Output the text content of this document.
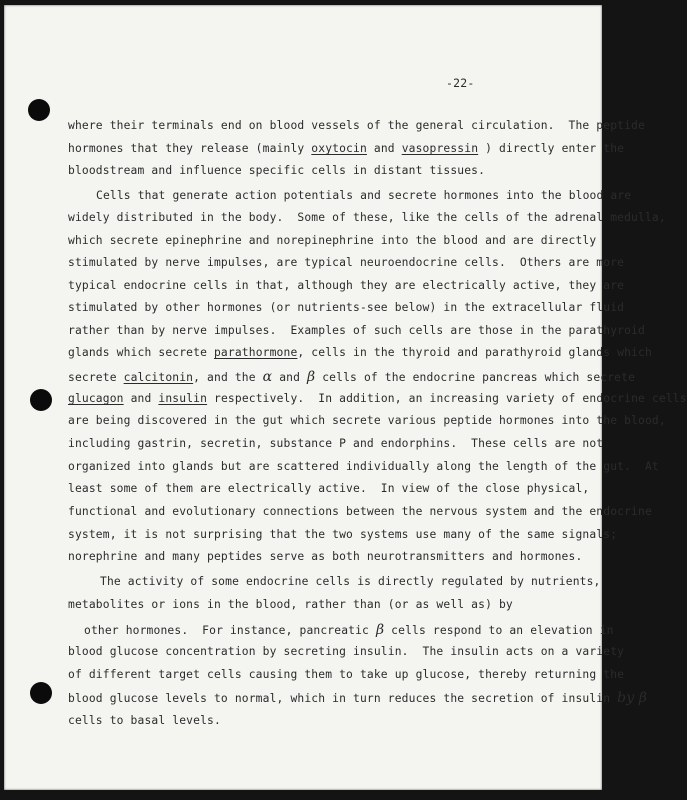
-22-
where their terminals end on blood vessels of the general circulation.  The peptide
hormones that they release (mainly oxytocin and vasopressin ) directly enter the
bloodstream and influence specific cells in distant tissues.
Cells that generate action potentials and secrete hormones into the blood are
widely distributed in the body.  Some of these, like the cells of the adrenal medulla,
which secrete epinephrine and norepinephrine into the blood and are directly
stimulated by nerve impulses, are typical neuroendocrine cells.  Others are more
typical endocrine cells in that, although they are electrically active, they are
stimulated by other hormones (or nutrients-see below) in the extracellular fluid
rather than by nerve impulses.  Examples of such cells are those in the parathyroid
glands which secrete parathormone, cells in the thyroid and parathyroid glands which
secrete calcitonin, and the α and β cells of the endocrine pancreas which secrete
glucagon and insulin respectively.  In addition, an increasing variety of endocrine cells
are being discovered in the gut which secrete various peptide hormones into the blood,
including gastrin, secretin, substance P and endorphins.  These cells are not
organized into glands but are scattered individually along the length of the gut.  At
least some of them are electrically active.  In view of the close physical,
functional and evolutionary connections between the nervous system and the endocrine
system, it is not surprising that the two systems use many of the same signals;
norephrine and many peptides serve as both neurotransmitters and hormones.
The activity of some endocrine cells is directly regulated by nutrients,
metabolites or ions in the blood, rather than (or as well as) by
other hormones.  For instance, pancreatic β cells respond to an elevation in
blood glucose concentration by secreting insulin.  The insulin acts on a variety
of different target cells causing them to take up glucose, thereby returning the
blood glucose levels to normal, which in turn reduces the secretion of insulin by β
cells to basal levels.
